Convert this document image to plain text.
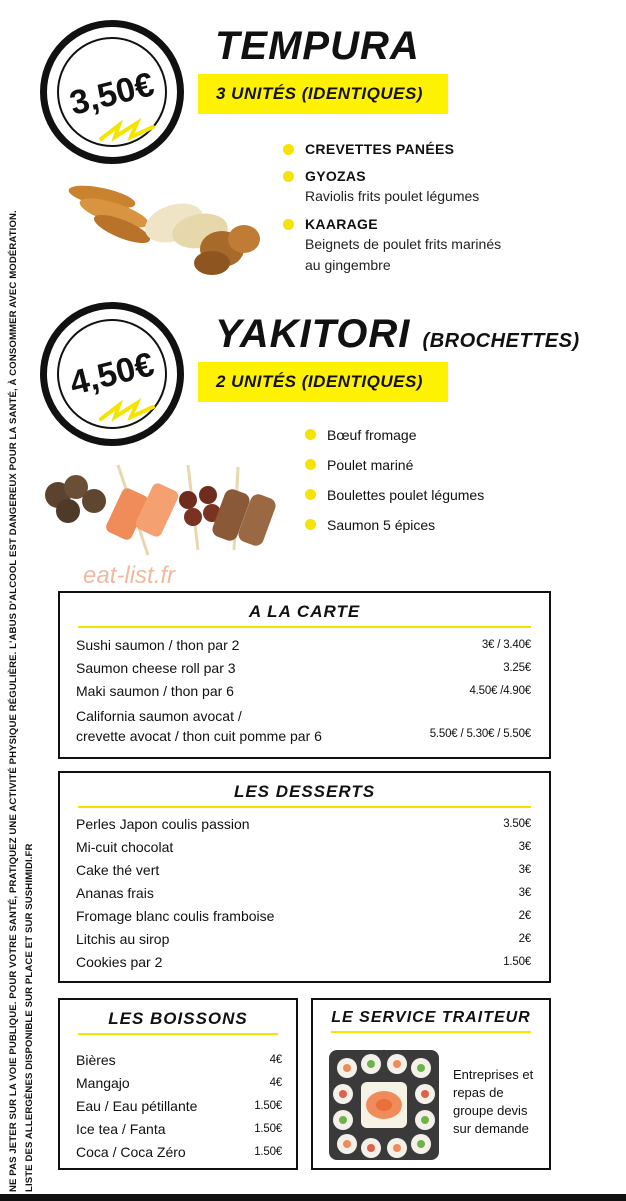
NE PAS JETER SUR LA VOIE PUBLIQUE. POUR VOTRE SANTÉ, PRATIQUEZ UNE ACTIVITÉ PHYSIQUE RÉGULIÈRE. L'ABUS D'ALCOOL EST DANGEREUX POUR LA SANTÉ, À CONSOMMER AVEC MODÉRATION. LISTE DES ALLERGÈNES DISPONIBLE SUR PLACE ET SUR SUSHIMIDI.FR
3,50€
TEMPURA
3 UNITÉS (IDENTIQUES)
CREVETTES PANÉES
GYOZAS
Raviolis frits poulet légumes
KAARAGE
Beignets de poulet frits marinés au gingembre
4,50€
YAKITORI (BROCHETTES)
2 UNITÉS (IDENTIQUES)
Bœuf fromage
Poulet mariné
Boulettes poulet légumes
Saumon 5 épices
eat-list.fr
A LA CARTE
Sushi saumon / thon par 2	3€ / 3.40€
Saumon cheese roll par 3	3.25€
Maki saumon / thon par 6	4.50€ /4.90€
California saumon avocat /
crevette avocat / thon cuit pomme par 6	5.50€ / 5.30€ / 5.50€
LES DESSERTS
Perles Japon coulis passion	3.50€
Mi-cuit chocolat	3€
Cake thé vert	3€
Ananas frais	3€
Fromage blanc coulis framboise	2€
Litchis au sirop	2€
Cookies par 2	1.50€
LES BOISSONS
Bières	4€
Mangajo	4€
Eau / Eau pétillante	1.50€
Ice tea / Fanta	1.50€
Coca / Coca Zéro	1.50€
LE SERVICE TRAITEUR
Entreprises et repas de groupe devis sur demande
